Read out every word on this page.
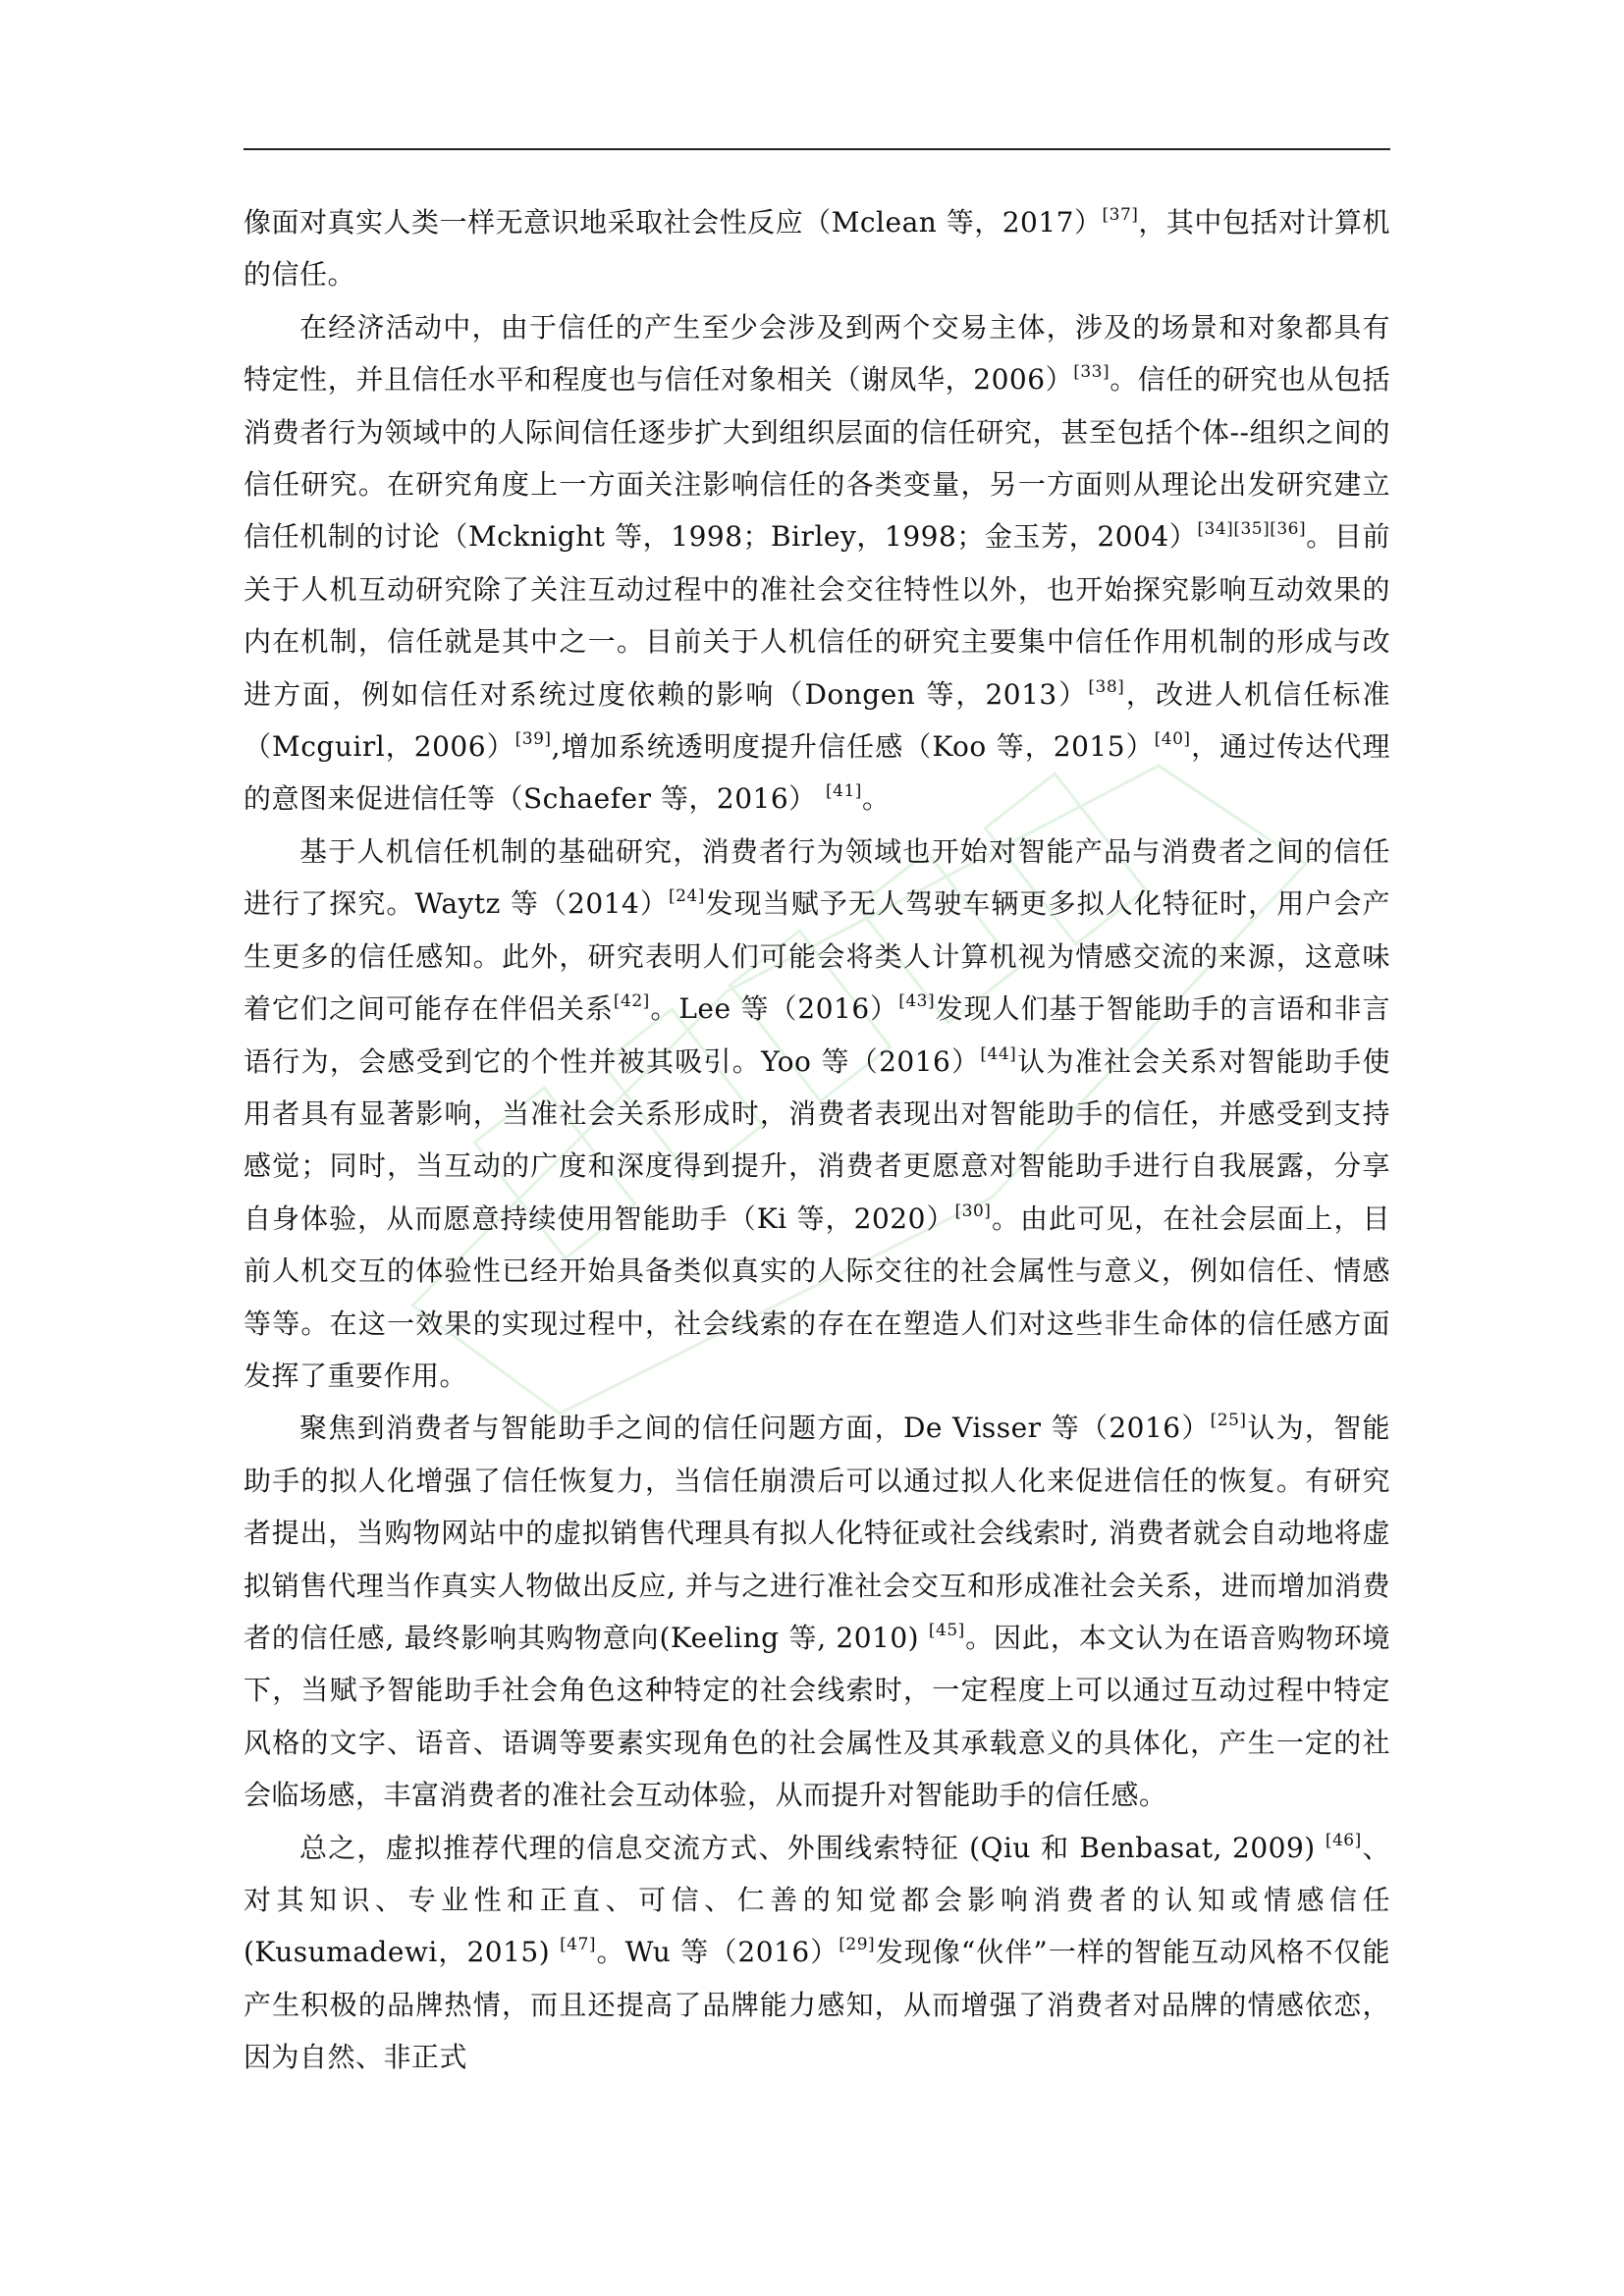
像面对真实人类一样无意识地采取社会性反应（Mclean 等，2017）[37]，其中包括对计算机的信任。

在经济活动中，由于信任的产生至少会涉及到两个交易主体，涉及的场景和对象都具有特定性，并且信任水平和程度也与信任对象相关（谢凤华，2006）[33]。信任的研究也从包括消费者行为领域中的人际间信任逐步扩大到组织层面的信任研究，甚至包括个体--组织之间的信任研究。在研究角度上一方面关注影响信任的各类变量，另一方面则从理论出发研究建立信任机制的讨论（Mcknight 等，1998；Birley，1998；金玉芳，2004）[34][35][36]。目前关于人机互动研究除了关注互动过程中的准社会交往特性以外，也开始探究影响互动效果的内在机制，信任就是其中之一。目前关于人机信任的研究主要集中信任作用机制的形成与改进方面，例如信任对系统过度依赖的影响（Dongen 等，2013）[38]，改进人机信任标准（Mcguirl，2006）[39],增加系统透明度提升信任感（Koo 等，2015）[40]，通过传达代理的意图来促进信任等（Schaefer 等，2016） [41]。

基于人机信任机制的基础研究，消费者行为领域也开始对智能产品与消费者之间的信任进行了探究。Waytz 等（2014）[24]发现当赋予无人驾驶车辆更多拟人化特征时，用户会产生更多的信任感知。此外，研究表明人们可能会将类人计算机视为情感交流的来源，这意味着它们之间可能存在伴侣关系[42]。Lee 等（2016）[43]发现人们基于智能助手的言语和非言语行为，会感受到它的个性并被其吸引。Yoo 等（2016）[44]认为准社会关系对智能助手使用者具有显著影响，当准社会关系形成时，消费者表现出对智能助手的信任，并感受到支持感觉；同时，当互动的广度和深度得到提升，消费者更愿意对智能助手进行自我展露，分享自身体验，从而愿意持续使用智能助手（Ki 等，2020）[30]。由此可见，在社会层面上，目前人机交互的体验性已经开始具备类似真实的人际交往的社会属性与意义，例如信任、情感等等。在这一效果的实现过程中，社会线索的存在在塑造人们对这些非生命体的信任感方面发挥了重要作用。

聚焦到消费者与智能助手之间的信任问题方面，De Visser 等（2016）[25]认为，智能助手的拟人化增强了信任恢复力，当信任崩溃后可以通过拟人化来促进信任的恢复。有研究者提出，当购物网站中的虚拟销售代理具有拟人化特征或社会线索时, 消费者就会自动地将虚拟销售代理当作真实人物做出反应, 并与之进行准社会交互和形成准社会关系，进而增加消费者的信任感, 最终影响其购物意向(Keeling 等, 2010) [45]。因此，本文认为在语音购物环境下，当赋予智能助手社会角色这种特定的社会线索时，一定程度上可以通过互动过程中特定风格的文字、语音、语调等要素实现角色的社会属性及其承载意义的具体化，产生一定的社会临场感，丰富消费者的准社会互动体验，从而提升对智能助手的信任感。

总之，虚拟推荐代理的信息交流方式、外围线索特征 (Qiu 和 Benbasat, 2009) [46]、对其知识、专业性和正直、可信、仁善的知觉都会影响消费者的认知或情感信任(Kusumadewi，2015) [47]。Wu 等（2016）[29]发现像“伙伴”一样的智能互动风格不仅能产生积极的品牌热情，而且还提高了品牌能力感知，从而增强了消费者对品牌的情感依恋，因为自然、非正式
